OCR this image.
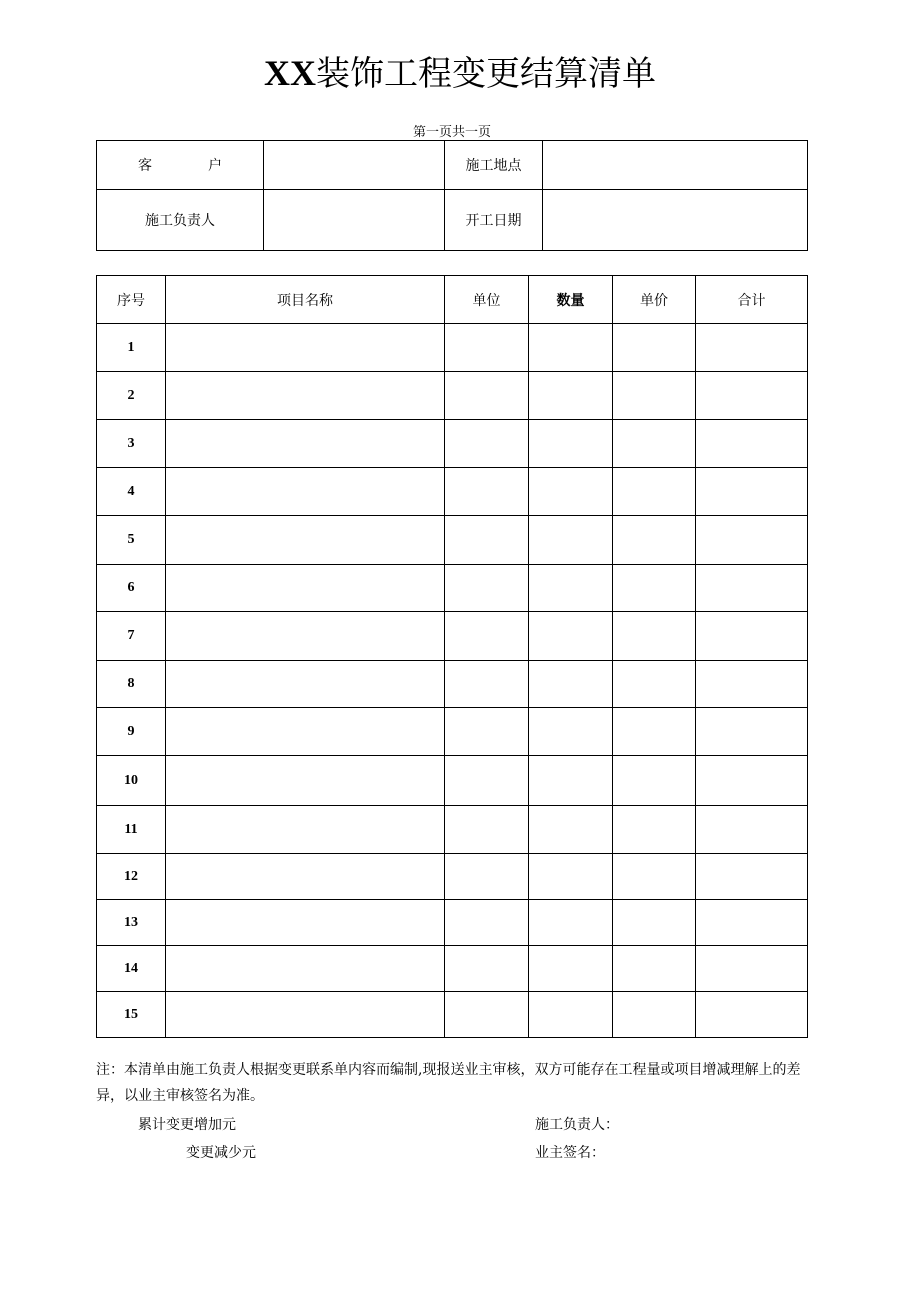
XX装饰工程变更结算清单
第一页共一页
客 户		施工地点	
施工负责人		开工日期	
序号	项目名称	单位	数量	单价	合计
1					
2					
3					
4					
5					
6					
7					
8					
9					
10					
11					
12					
13					
14					
15					
注：本清单由施工负责人根据变更联系单内容而编制,现报送业主审核，双方可能存在工程量或项目增减理解上的差异，以业主审核签名为准。
累计变更增加元
变更减少元
施工负责人：
业主签名：
